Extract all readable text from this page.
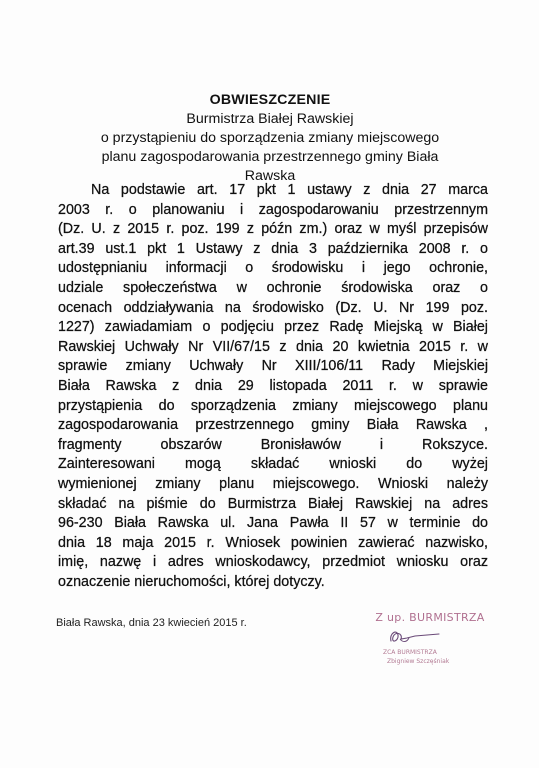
OBWIESZCZENIE
Burmistrza Białej Rawskiej
o przystąpieniu do sporządzenia zmiany miejscowego
planu zagospodarowania przestrzennego gminy Biała
Rawska
Na podstawie art. 17 pkt 1 ustawy z dnia 27 marca
2003 r. o planowaniu i zagospodarowaniu przestrzennym
(Dz. U. z 2015 r. poz. 199 z późn zm.) oraz w myśl przepisów
art.39 ust.1 pkt 1 Ustawy z dnia 3 października 2008 r. o
udostępnianiu informacji o środowisku i jego ochronie,
udziale społeczeństwa w ochronie środowiska oraz o
ocenach oddziaływania na środowisko (Dz. U. Nr 199 poz.
1227) zawiadamiam o podjęciu przez Radę Miejską w Białej
Rawskiej Uchwały Nr VII/67/15 z dnia 20 kwietnia 2015 r. w
sprawie zmiany Uchwały Nr XIII/106/11 Rady Miejskiej
Biała Rawska z dnia 29 listopada 2011 r. w sprawie
przystąpienia do sporządzenia zmiany miejscowego planu
zagospodarowania przestrzennego gminy Biała Rawska ,
fragmenty obszarów Bronisławów i Rokszyce.
Zainteresowani mogą składać wnioski do wyżej
wymienionej zmiany planu miejscowego. Wnioski należy
składać na piśmie do Burmistrza Białej Rawskiej na adres
96-230 Biała Rawska ul. Jana Pawła II 57 w terminie do
dnia 18 maja 2015 r. Wniosek powinien zawierać nazwisko,
imię, nazwę i adres wnioskodawcy, przedmiot wniosku oraz
oznaczenie nieruchomości, której dotyczy.
Biała Rawska, dnia 23 kwiecień 2015 r.	Z up. BURMISTRZA
ZCA BURMISTRZA
Zbigniew Szczęśniak
